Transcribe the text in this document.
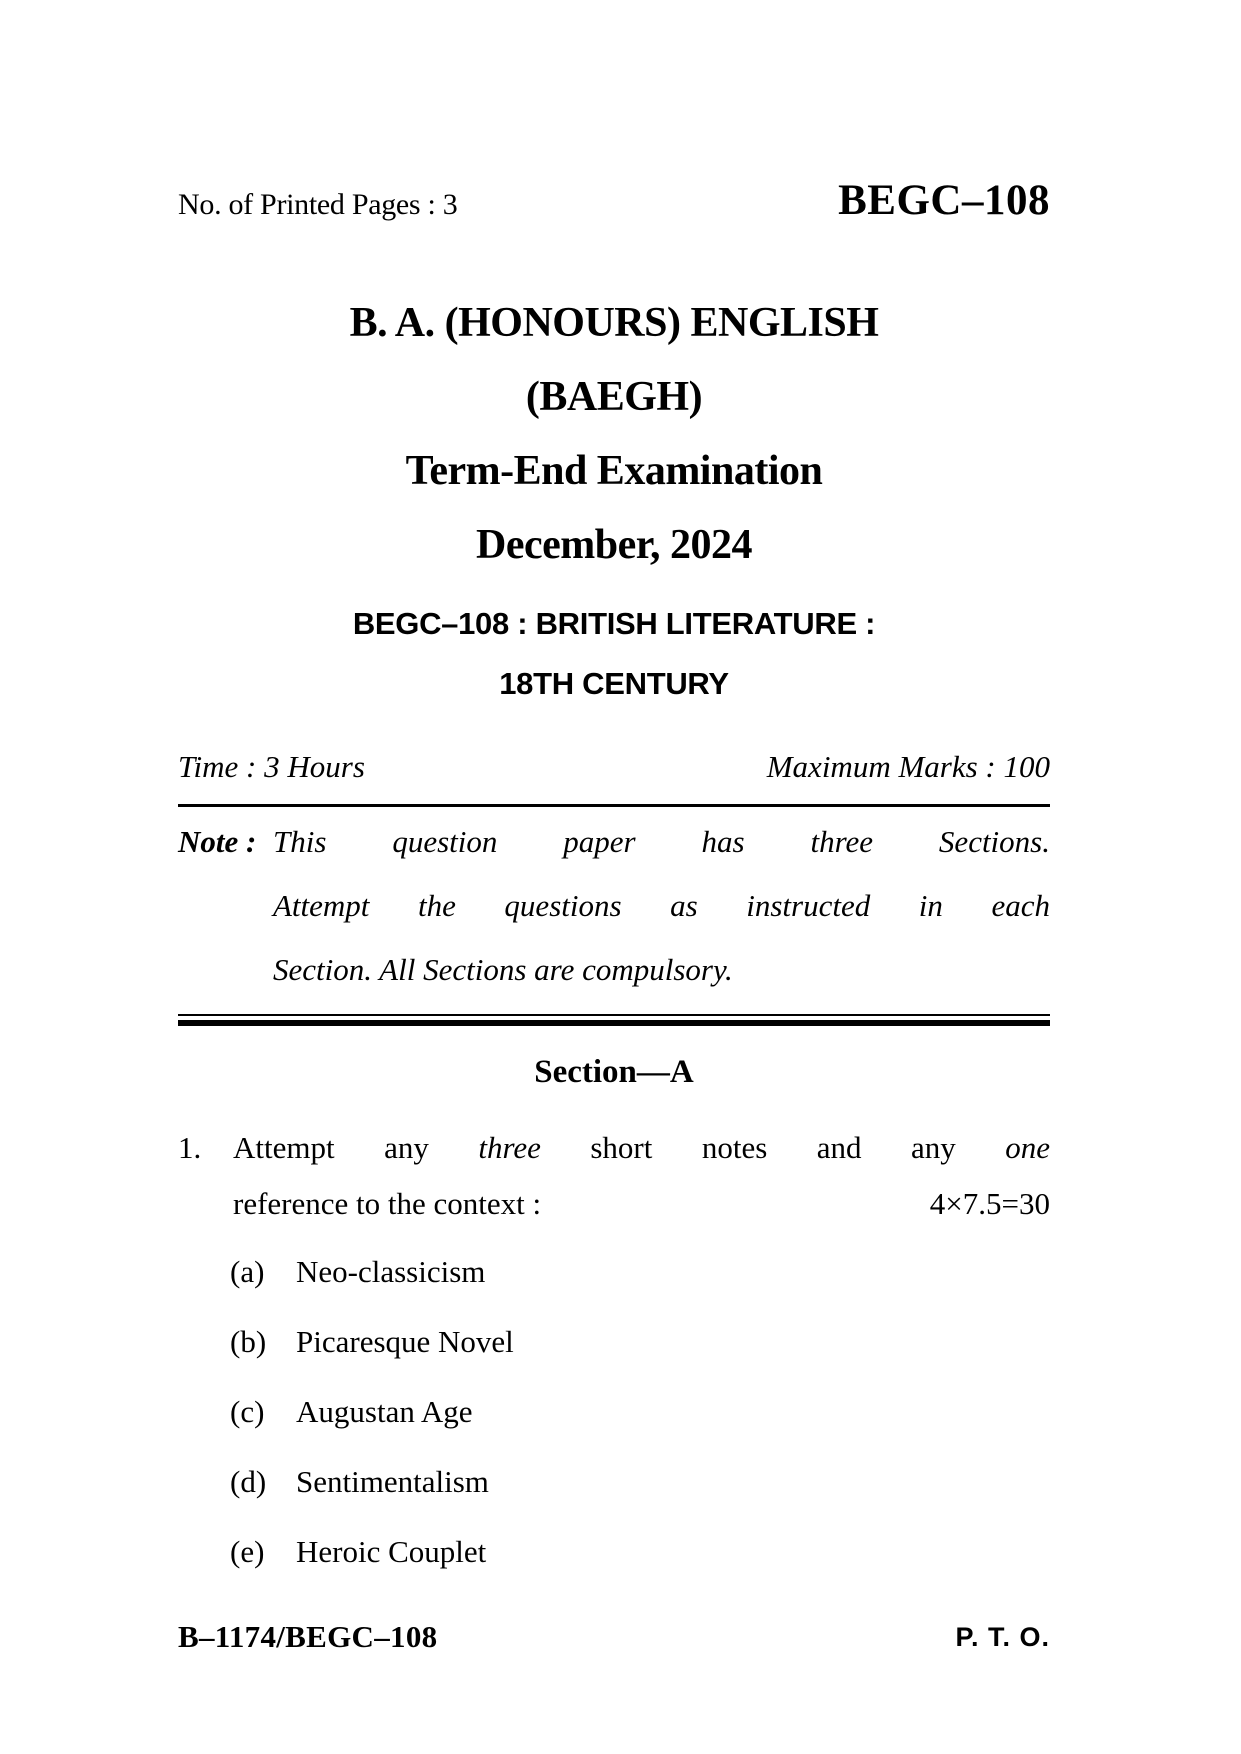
No. of Printed Pages : 3	BEGC–108
B. A. (HONOURS) ENGLISH
(BAEGH)
Term-End Examination
December, 2024
BEGC–108 : BRITISH LITERATURE :
18TH CENTURY
Time : 3 Hours	Maximum Marks : 100
Note : This question paper has three Sections.
Attempt the questions as instructed in each
Section. All Sections are compulsory.
Section—A
1. Attempt any three short notes and any one
reference to the context :	4×7.5=30
(a)	Neo-classicism
(b) Picaresque Novel
(c)	Augustan Age
(d) Sentimentalism
(e)	Heroic Couplet
B–1174/BEGC–108	P. T. O.
